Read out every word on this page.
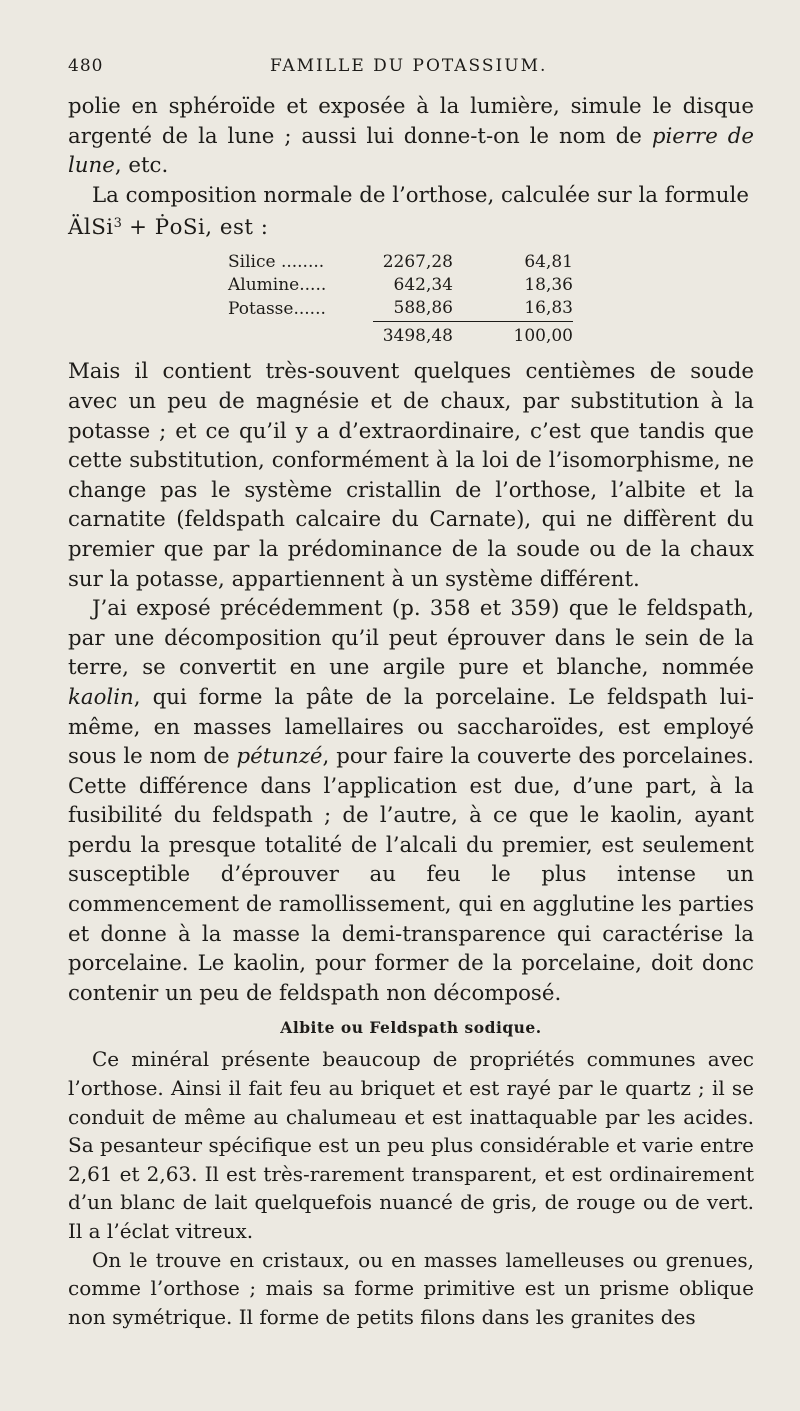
480	FAMILLE DU POTASSIUM.

polie en sphéroïde et exposée à la lumière, simule le disque argenté de la lune ; aussi lui donne-t-on le nom de pierre de lune, etc.

La composition normale de l’orthose, calculée sur la formule

ÄlSi$^3$ + ṖoSi, est :
Silice ........	2267,28	64,81
Alumine.....	642,34	18,36
Potasse......	588,86	16,83
	3498,48	100,00

Mais il contient très-souvent quelques centièmes de soude avec un peu de magnésie et de chaux, par substitution à la potasse ; et ce qu’il y a d’extraordinaire, c’est que tandis que cette substitution, conformément à la loi de l’isomorphisme, ne change pas le système cristallin de l’orthose, l’albite et la carnatite (feldspath calcaire du Carnate), qui ne diffèrent du premier que par la prédominance de la soude ou de la chaux sur la potasse, appartiennent à un système différent.

J’ai exposé précédemment (p. 358 et 359) que le feldspath, par une décomposition qu’il peut éprouver dans le sein de la terre, se convertit en une argile pure et blanche, nommée kaolin, qui forme la pâte de la porcelaine. Le feldspath lui-même, en masses lamellaires ou saccharoïdes, est employé sous le nom de pétunzé, pour faire la couverte des porcelaines. Cette différence dans l’application est due, d’une part, à la fusibilité du feldspath ; de l’autre, à ce que le kaolin, ayant perdu la presque totalité de l’alcali du premier, est seulement susceptible d’éprouver au feu le plus intense un commencement de ramollissement, qui en agglutine les parties et donne à la masse la demi-transparence qui caractérise la porcelaine. Le kaolin, pour former de la porcelaine, doit donc contenir un peu de feldspath non décomposé.

Albite ou Feldspath sodique.

Ce minéral présente beaucoup de propriétés communes avec l’orthose. Ainsi il fait feu au briquet et est rayé par le quartz ; il se conduit de même au chalumeau et est inattaquable par les acides. Sa pesanteur spécifique est un peu plus considérable et varie entre 2,61 et 2,63. Il est très-rarement transparent, et est ordinairement d’un blanc de lait quelquefois nuancé de gris, de rouge ou de vert. Il a l’éclat vitreux.

On le trouve en cristaux, ou en masses lamelleuses ou grenues, comme l’orthose ; mais sa forme primitive est un prisme oblique non symétrique. Il forme de petits filons dans les granites des
